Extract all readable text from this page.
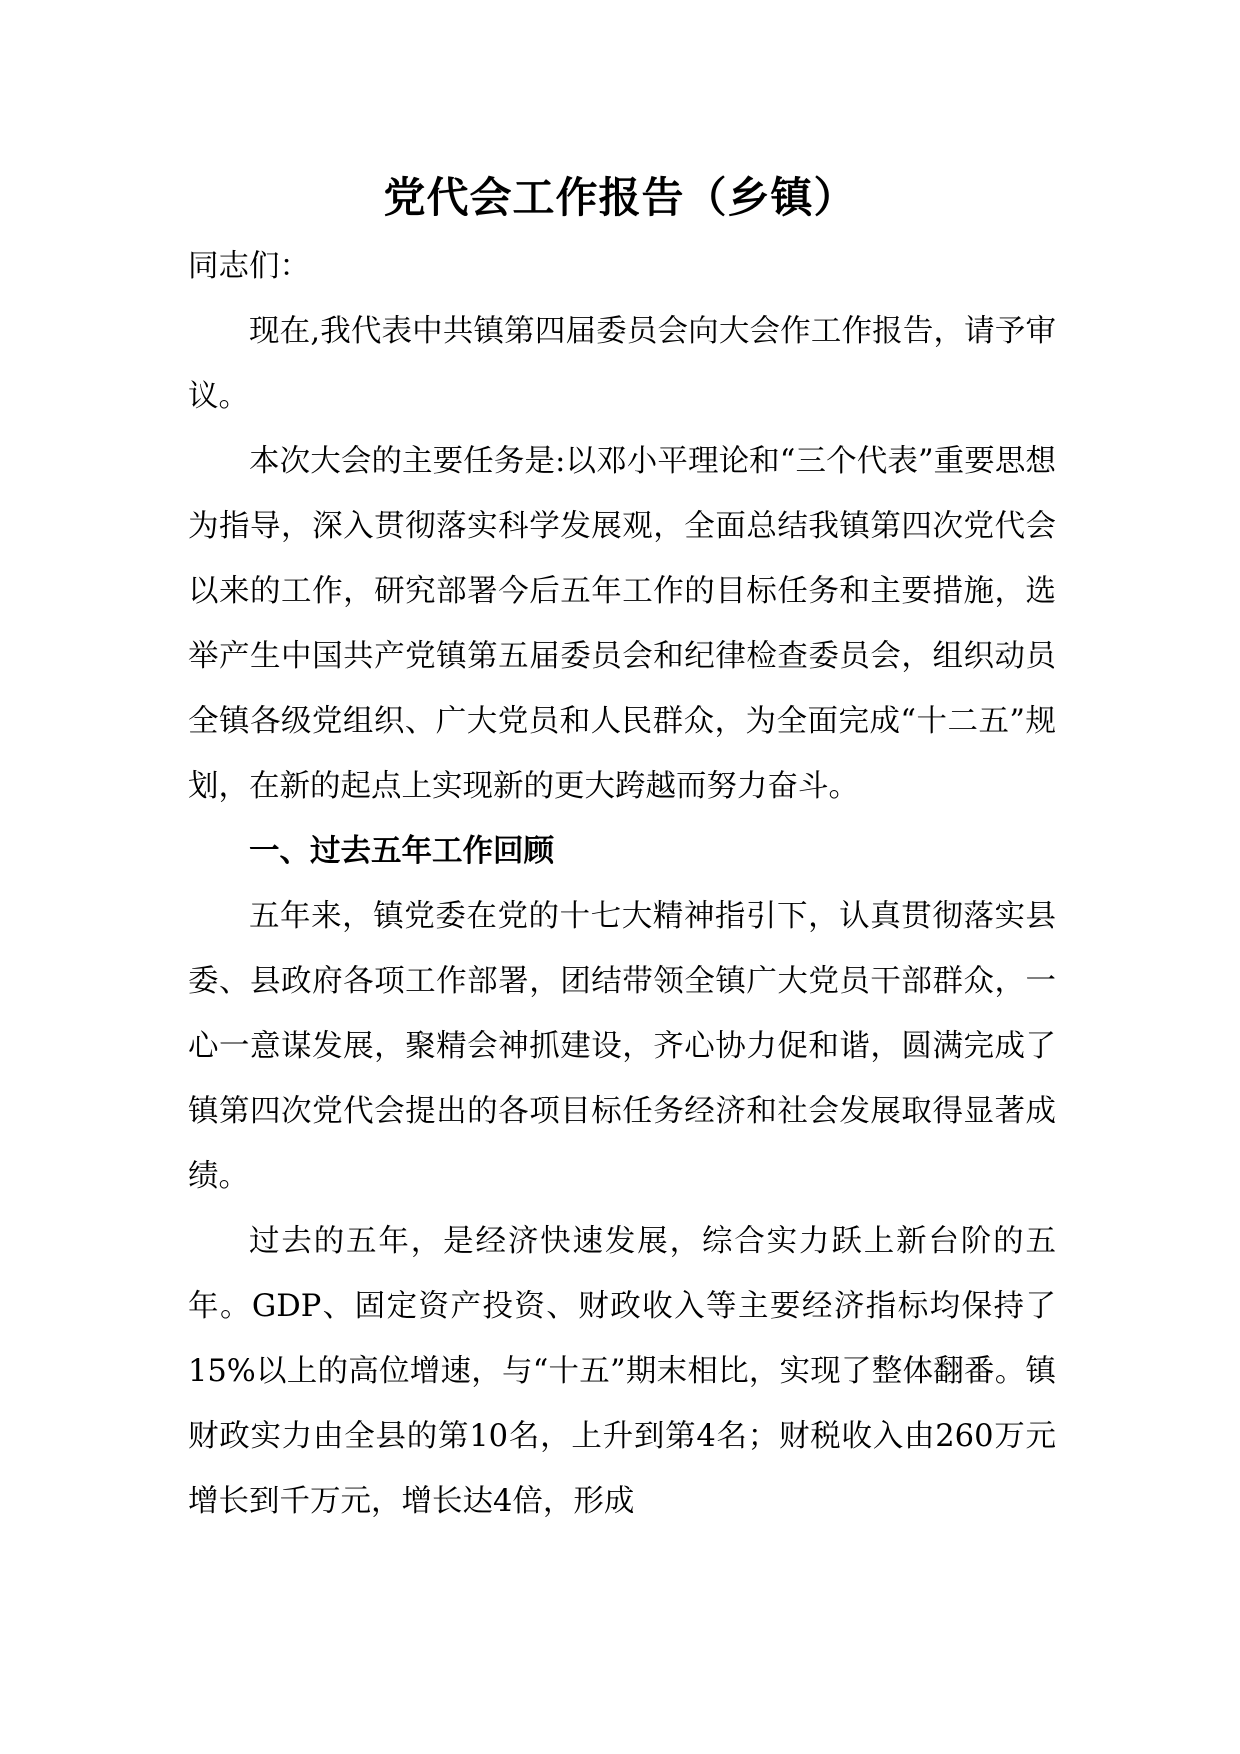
党代会工作报告（乡镇）

同志们：

现在,我代表中共镇第四届委员会向大会作工作报告，请予审议。

本次大会的主要任务是:以邓小平理论和“三个代表”重要思想为指导，深入贯彻落实科学发展观，全面总结我镇第四次党代会以来的工作，研究部署今后五年工作的目标任务和主要措施，选举产生中国共产党镇第五届委员会和纪律检查委员会，组织动员全镇各级党组织、广大党员和人民群众，为全面完成“十二五”规划，在新的起点上实现新的更大跨越而努力奋斗。

一、过去五年工作回顾

五年来，镇党委在党的十七大精神指引下，认真贯彻落实县委、县政府各项工作部署，团结带领全镇广大党员干部群众，一心一意谋发展，聚精会神抓建设，齐心协力促和谐，圆满完成了镇第四次党代会提出的各项目标任务经济和社会发展取得显著成绩。

过去的五年，是经济快速发展，综合实力跃上新台阶的五年。GDP、固定资产投资、财政收入等主要经济指标均保持了15%以上的高位增速，与“十五”期末相比，实现了整体翻番。镇财政实力由全县的第10名，上升到第4名；财税收入由260万元增长到千万元，增长达4倍，形成
